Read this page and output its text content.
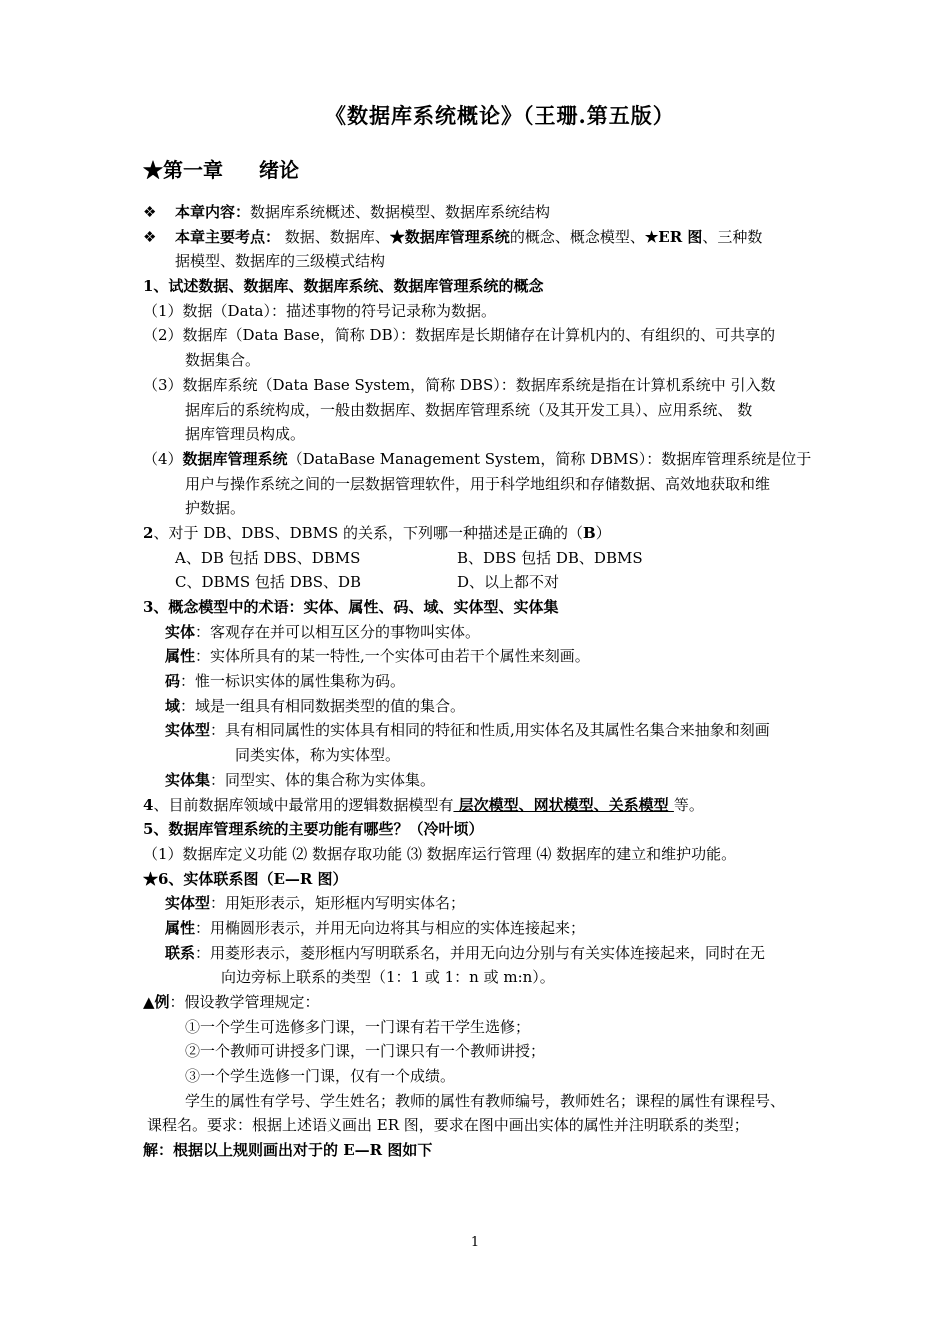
《数据库系统概论》（王珊.第五版）
★第一章 绪论
❖ 本章内容：数据库系统概述、数据模型、数据库系统结构
❖ 本章主要考点： 数据、数据库、★数据库管理系统的概念、概念模型、★ER 图、三种数
据模型、数据库的三级模式结构
1、试述数据、数据库、数据库系统、数据库管理系统的概念
（1）数据（Data）：描述事物的符号记录称为数据。
（2）数据库（Data Base，简称 DB）：数据库是长期储存在计算机内的、有组织的、可共享的
数据集合。
（3）数据库系统（Data Base System，简称 DBS）：数据库系统是指在计算机系统中 引入数
据库后的系统构成，一般由数据库、数据库管理系统（及其开发工具）、应用系统、 数
据库管理员构成。
（4）数据库管理系统（DataBase Management System，简称 DBMS）：数据库管理系统是位于
用户与操作系统之间的一层数据管理软件，用于科学地组织和存储数据、高效地获取和维
护数据。
2、对于 DB、DBS、DBMS 的关系，下列哪一种描述是正确的（B）
A、DB 包括 DBS、DBMS	B、DBS 包括 DB、DBMS
C、DBMS 包括 DBS、DB	D、以上都不对
3、概念模型中的术语：实体、属性、码、域、实体型、实体集
实体：客观存在并可以相互区分的事物叫实体。
属性：实体所具有的某一特性,一个实体可由若干个属性来刻画。
码：惟一标识实体的属性集称为码。
域：域是一组具有相同数据类型的值的集合。
实体型：具有相同属性的实体具有相同的特征和性质,用实体名及其属性名集合来抽象和刻画
同类实体，称为实体型。
实体集：同型实、体的集合称为实体集。
4、目前数据库领域中最常用的逻辑数据模型有 层次模型、网状模型、关系模型 等。
5、数据库管理系统的主要功能有哪些？（冷叶顷）
（1）数据库定义功能 ⑵ 数据存取功能 ⑶ 数据库运行管理 ⑷ 数据库的建立和维护功能。
★6、实体联系图（E—R 图）
实体型：用矩形表示，矩形框内写明实体名；
属性：用椭圆形表示，并用无向边将其与相应的实体连接起来；
联系：用菱形表示，菱形框内写明联系名，并用无向边分别与有关实体连接起来，同时在无
向边旁标上联系的类型（1：1 或 1：n 或 m:n）。
▲例：假设教学管理规定：
①一个学生可选修多门课，一门课有若干学生选修；
②一个教师可讲授多门课，一门课只有一个教师讲授；
③一个学生选修一门课，仅有一个成绩。
学生的属性有学号、学生姓名；教师的属性有教师编号，教师姓名；课程的属性有课程号、
课程名。要求：根据上述语义画出 ER 图，要求在图中画出实体的属性并注明联系的类型；
解：根据以上规则画出对于的 E—R 图如下
1
